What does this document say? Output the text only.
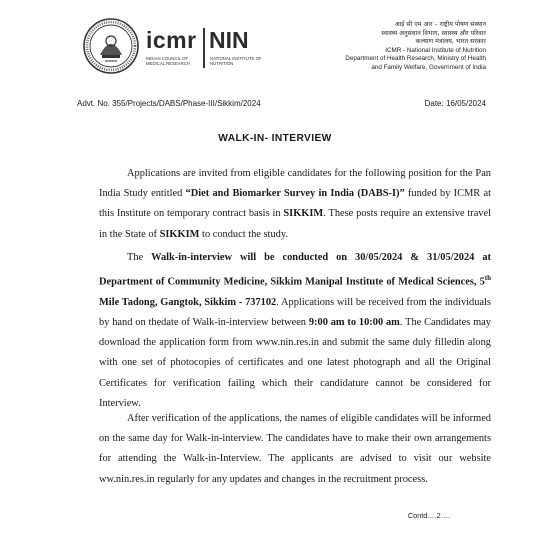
icmr
INDIAN COUNCIL OF MEDICAL RESEARCH
NIN
NATIONAL INSTITUTE OF NUTRITION
आई सी एम आर – राष्ट्रीय पोषण संस्थान
स्वास्थ्य अनुसंधान विभाग, स्वास्थ्य और परिवार
कल्याण मंत्रालय, भारत सरकार
ICMR - National Institute of Nutrition
Department of Health Research, Ministry of Health
and Family Welfare, Government of India
Advt. No. 355/Projects/DABS/Phase-III/Sikkim/2024	Date: 16/05/2024
WALK-IN- INTERVIEW
Applications are invited from eligible candidates for the following position for the Pan India Study entitled “Diet and Biomarker Survey in India (DABS-I)” funded by ICMR at this Institute on temporary contract basis in SIKKIM. These posts require an extensive travel in the State of SIKKIM to conduct the study.
The Walk-in-interview will be conducted on 30/05/2024 & 31/05/2024 at Department of Community Medicine, Sikkim Manipal Institute of Medical Sciences, 5th Mile Tadong, Gangtok, Sikkim - 737102. Applications will be received from the individuals by hand on thedate of Walk-in-interview between 9:00 am to 10:00 am. The Candidates may download the application form from www.nin.res.in and submit the same duly filledin along with one set of photocopies of certificates and one latest photograph and all the Original Certificates for verification failing which their candidature cannot be considered for Interview.
After verification of the applications, the names of eligible candidates will be informed on the same day for Walk-in-interview. The candidates have to make their own arrangements for attending the Walk-in-Interview. The applicants are advised to visit our website ww.nin.res.in regularly for any updates and changes in the recruitment process.
Contd.…2….
